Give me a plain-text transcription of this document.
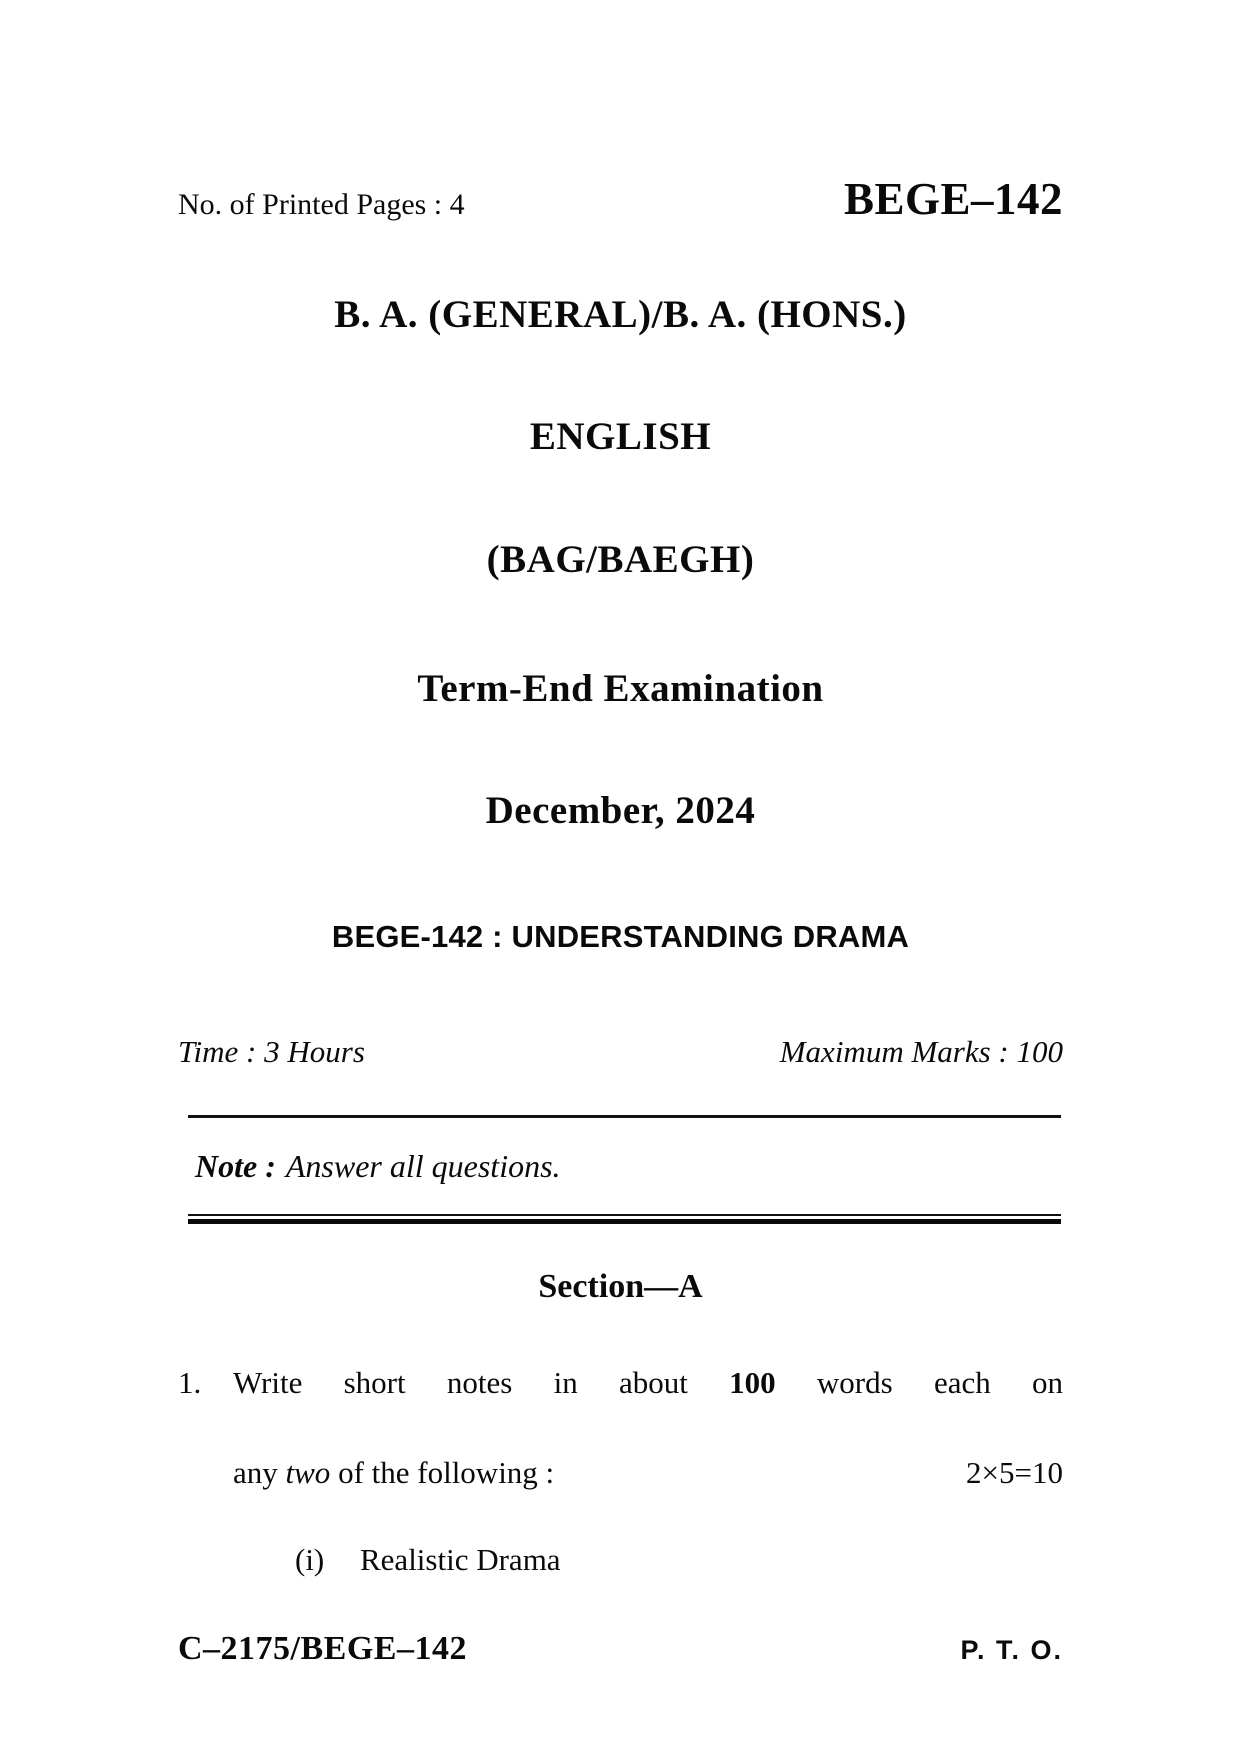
No. of Printed Pages : 4	BEGE–142
B. A. (GENERAL)/B. A. (HONS.)
ENGLISH
(BAG/BAEGH)
Term-End Examination
December, 2024
BEGE-142 : UNDERSTANDING DRAMA
Time : 3 Hours	Maximum Marks : 100
Note : Answer all questions.
Section—A
1.	Write short notes in about 100 words each on
any two of the following :	2×5=10
(i)	Realistic Drama
C–2175/BEGE–142	P. T. O.
